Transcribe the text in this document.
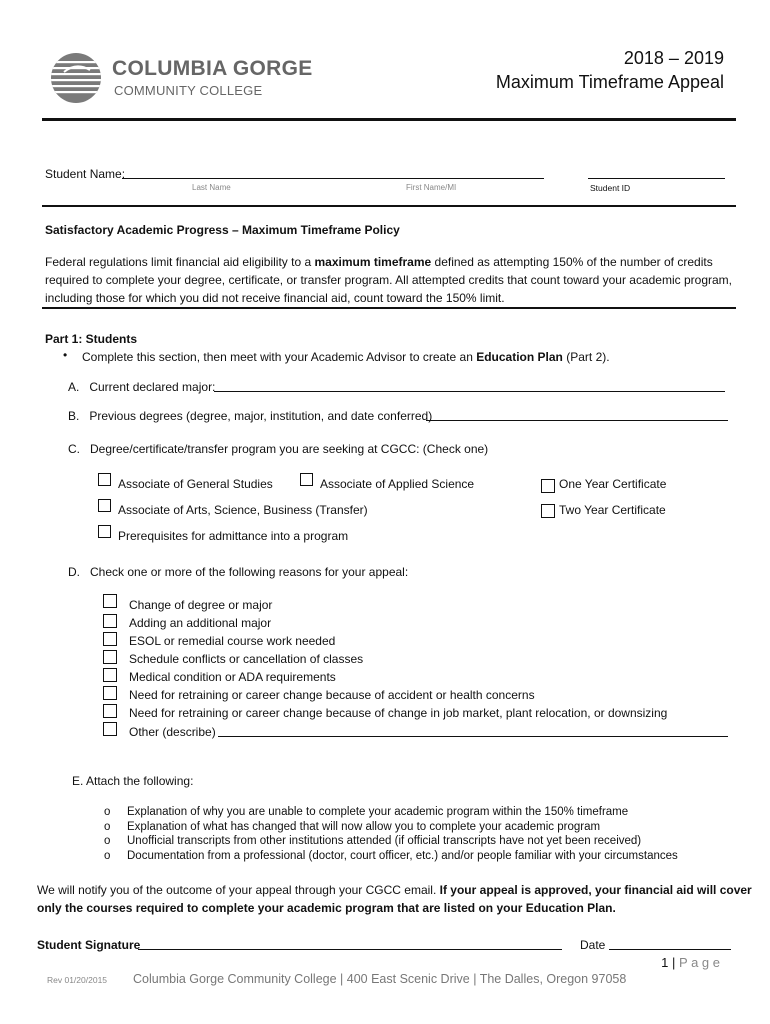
COLUMBIA GORGE
COMMUNITY COLLEGE
2018 – 2019
Maximum Timeframe Appeal
Student Name:
Last Name	First Name/MI	Student ID
Satisfactory Academic Progress – Maximum Timeframe Policy
Federal regulations limit financial aid eligibility to a maximum timeframe defined as attempting 150% of the number of credits
required to complete your degree, certificate, or transfer program. All attempted credits that count toward your academic program,
including those for which you did not receive financial aid, count toward the 150% limit.
Part 1: Students
• Complete this section, then meet with your Academic Advisor to create an Education Plan (Part 2).
A.   Current declared major:
B.   Previous degrees (degree, major, institution, and date conferred)
C.   Degree/certificate/transfer program you are seeking at CGCC: (Check one)
Associate of General Studies	Associate of Applied Science	One Year Certificate
Associate of Arts, Science, Business (Transfer)	Two Year Certificate
Prerequisites for admittance into a program
D.   Check one or more of the following reasons for your appeal:
Change of degree or major
Adding an additional major
ESOL or remedial course work needed
Schedule conflicts or cancellation of classes
Medical condition or ADA requirements
Need for retraining or career change because of accident or health concerns
Need for retraining or career change because of change in job market, plant relocation, or downsizing
Other (describe)
E. Attach the following:
o Explanation of why you are unable to complete your academic program within the 150% timeframe
o Explanation of what has changed that will now allow you to complete your academic program
o Unofficial transcripts from other institutions attended (if official transcripts have not yet been received)
o Documentation from a professional (doctor, court officer, etc.) and/or people familiar with your circumstances
We will notify you of the outcome of your appeal through your CGCC email. If your appeal is approved, your financial aid will cover
only the courses required to complete your academic program that are listed on your Education Plan.
Student Signature	Date
1 | P a g e
Rev 01/20/2015 Columbia Gorge Community College | 400 East Scenic Drive | The Dalles, Oregon 97058
